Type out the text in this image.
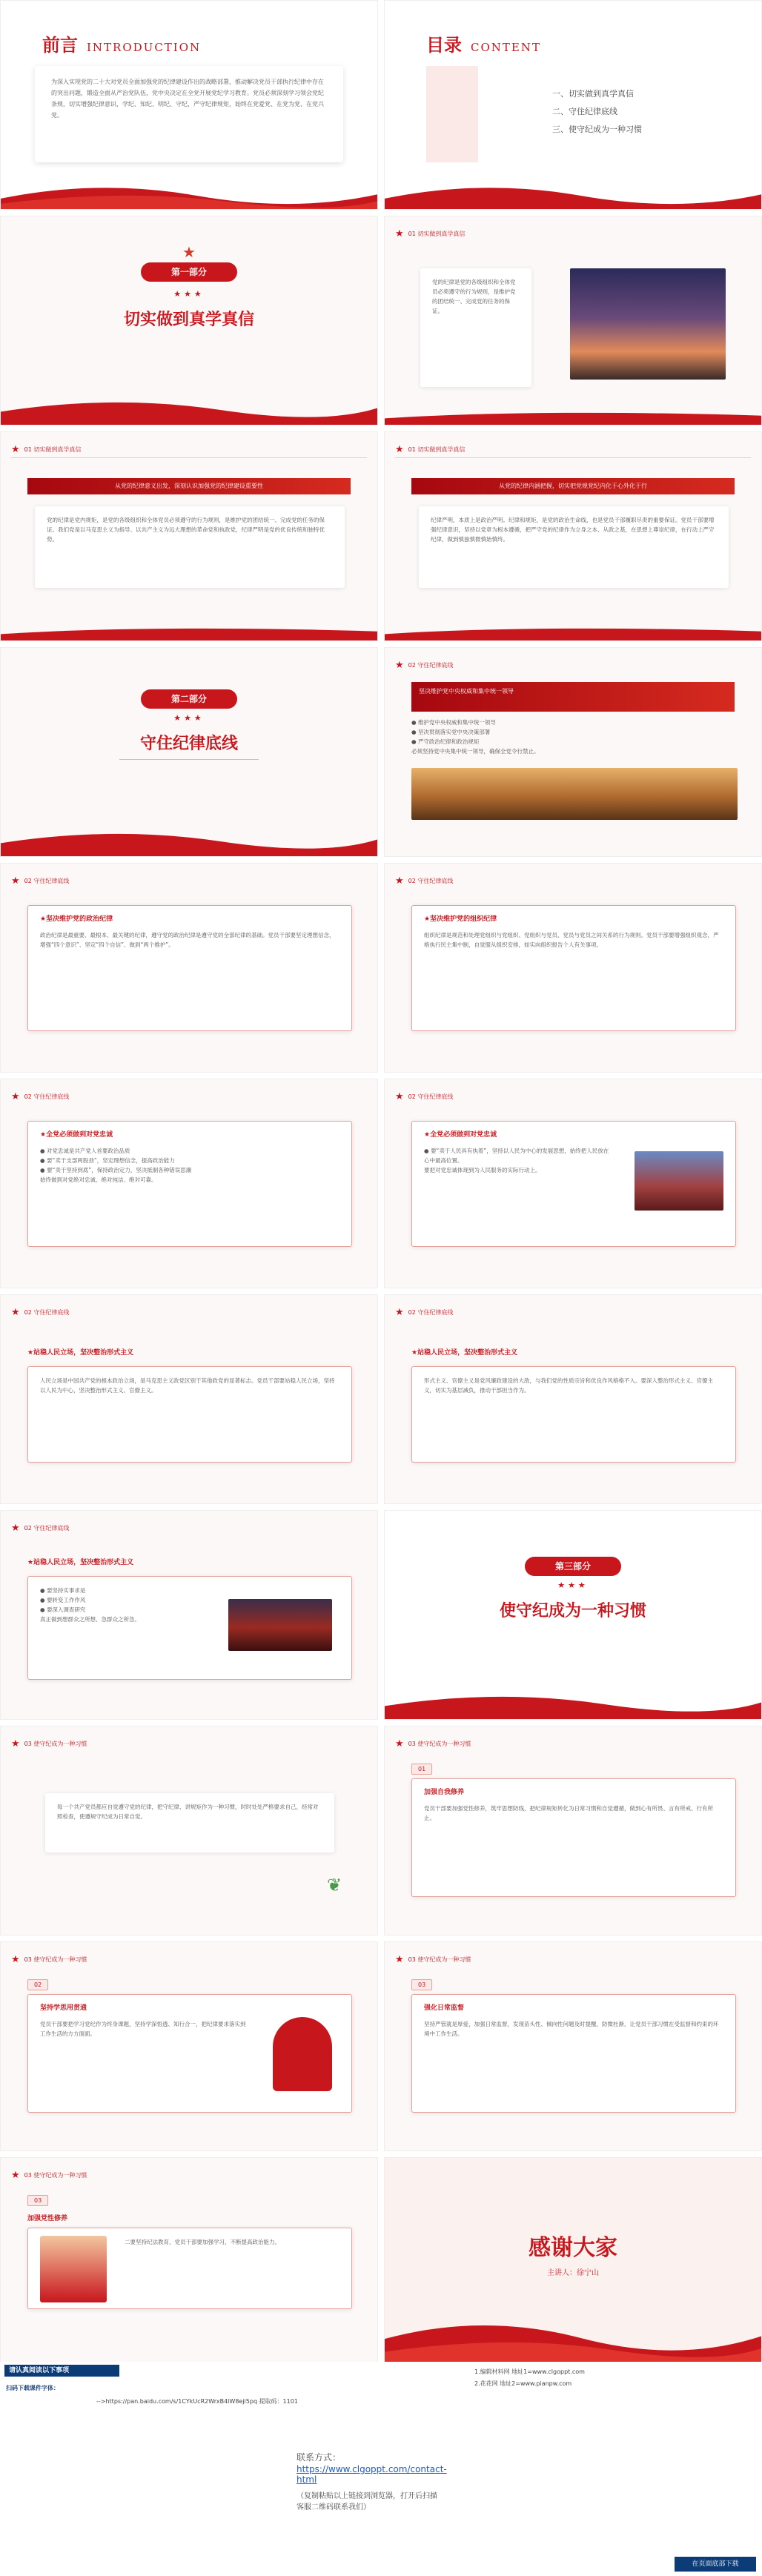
前言 INTRODUCTION
为深入实现党的二十大对党员全面加强党的纪律建设作出的战略部署，推动解决党员干部执行纪律中存在的突出问题，锻造全面从严治党队伍，党中央决定在全党开展党纪学习教育。党员必须深刻学习领会党纪条规，切实增强纪律意识，学纪、知纪、明纪、守纪，严守纪律规矩，始终在党爱党、在党为党、在党兴党。
目录 CONTENT
一、切实做到真学真信
二、守住纪律底线
三、使守纪成为一种习惯
★
第一部分
★★★
切实做到真学真信
★ 01 切实做到真学真信
党的纪律是党的各级组织和全体党员必须遵守的行为规则，是维护党的团结统一、完成党的任务的保证。
★ 01 切实做到真学真信
从党的纪律意义出发，深刻认识加强党的纪律建设重要性
党的纪律是党内规矩，是党的各级组织和全体党员必须遵守的行为规则，是维护党的团结统一、完成党的任务的保证。我们党是以马克思主义为指导、以共产主义为远大理想的革命党和执政党，纪律严明是党的优良传统和独特优势。
★ 01 切实做到真学真信
从党的纪律内涵把握，切实把党规党纪内化于心外化于行
纪律严明，本质上是政治严明。纪律和规矩，是党的政治生命线，也是党员干部履职尽责的重要保证。党员干部要增强纪律意识，坚持以党章为根本遵循，把严守党的纪律作为立身之本、从政之基，在思想上尊崇纪律，在行动上严守纪律，做到慎独慎微慎始慎终。
第二部分
★★★
守住纪律底线
★ 02 守住纪律底线
坚决维护党中央权威和集中统一领导
● 维护党中央权威和集中统一领导
● 坚决贯彻落实党中央决策部署
● 严守政治纪律和政治规矩
必须坚持党中央集中统一领导，确保全党令行禁止。
★ 02 守住纪律底线
★坚决维护党的政治纪律
政治纪律是最重要、最根本、最关键的纪律，遵守党的政治纪律是遵守党的全部纪律的基础。党员干部要坚定理想信念，增强“四个意识”、坚定“四个自信”、做到“两个维护”。
★ 02 守住纪律底线
★坚决维护党的组织纪律
组织纪律是规范和处理党组织与党组织、党组织与党员、党员与党员之间关系的行为规则。党员干部要增强组织观念，严格执行民主集中制，自觉服从组织安排，如实向组织报告个人有关事项。
★ 02 守住纪律底线
★全党必须做到对党忠诚
● 对党忠诚是共产党人首要政治品质
● 要“卖于支部两股劲”，坚定理想信念，提高政治能力
● 要“卖于坚持到底”，保持政治定力，坚决抵制各种错误思潮
始终做到对党绝对忠诚、绝对纯洁、绝对可靠。
★ 02 守住纪律底线
★全党必须做到对党忠诚
● 要“卖于人民具有执着”，坚持以人民为中心的发展思想，始终把人民放在心中最高位置。
要把对党忠诚体现到为人民服务的实际行动上。
★ 02 守住纪律底线
★站稳人民立场，坚决整治形式主义
人民立场是中国共产党的根本政治立场，是马克思主义政党区别于其他政党的显著标志。党员干部要站稳人民立场，坚持以人民为中心，坚决整治形式主义、官僚主义。
★ 02 守住纪律底线
★站稳人民立场，坚决整治形式主义
形式主义、官僚主义是党风廉政建设的大敌，与我们党的性质宗旨和优良作风格格不入。要深入整治形式主义、官僚主义，切实为基层减负，推动干部担当作为。
★ 02 守住纪律底线
★站稳人民立场，坚决整治形式主义
● 要坚持实事求是
● 要转变工作作风
● 要深入调查研究
真正做到想群众之所想、急群众之所急。
第三部分
★★★
使守纪成为一种习惯
★ 03 使守纪成为一种习惯
每一个共产党员都应自觉遵守党的纪律，把守纪律、讲规矩作为一种习惯，时时处处严格要求自己，经常对照检查，使遵规守纪成为日常自觉。
❦
★ 03 使守纪成为一种习惯
01
加强自我修养
党员干部要加强党性修养，筑牢思想防线，把纪律规矩转化为日常习惯和自觉遵循，做到心有所畏、言有所戒、行有所止。
★ 03 使守纪成为一种习惯
02
坚持学思用贯通
党员干部要把学习党纪作为终身课题，坚持学深悟透、知行合一，把纪律要求落实到工作生活的方方面面。
★ 03 使守纪成为一种习惯
03
强化日常监督
坚持严管就是厚爱，加强日常监督，发现苗头性、倾向性问题及时提醒，防微杜渐，让党员干部习惯在受监督和约束的环境中工作生活。
★ 03 使守纪成为一种习惯
03
加强党性修养
二要坚持纪法教育，党员干部要加强学习，不断提高政治能力。	感谢大家
主讲人：徐宁山
请认真阅读以下事项
扫码下载课件字体：
-->https://pan.baidu.com/s/1CYkUcR2WrxB4lW8eji5pq 提取码：1101
1.编辑材料网 地址1=www.clgoppt.com
2.花花网 地址2=www.pianpw.com
联系方式：
https://www.clgoppt.com/contact-html
（复制粘贴以上链接到浏览器，打开后扫描客服二维码联系我们）
在页面底部下载
